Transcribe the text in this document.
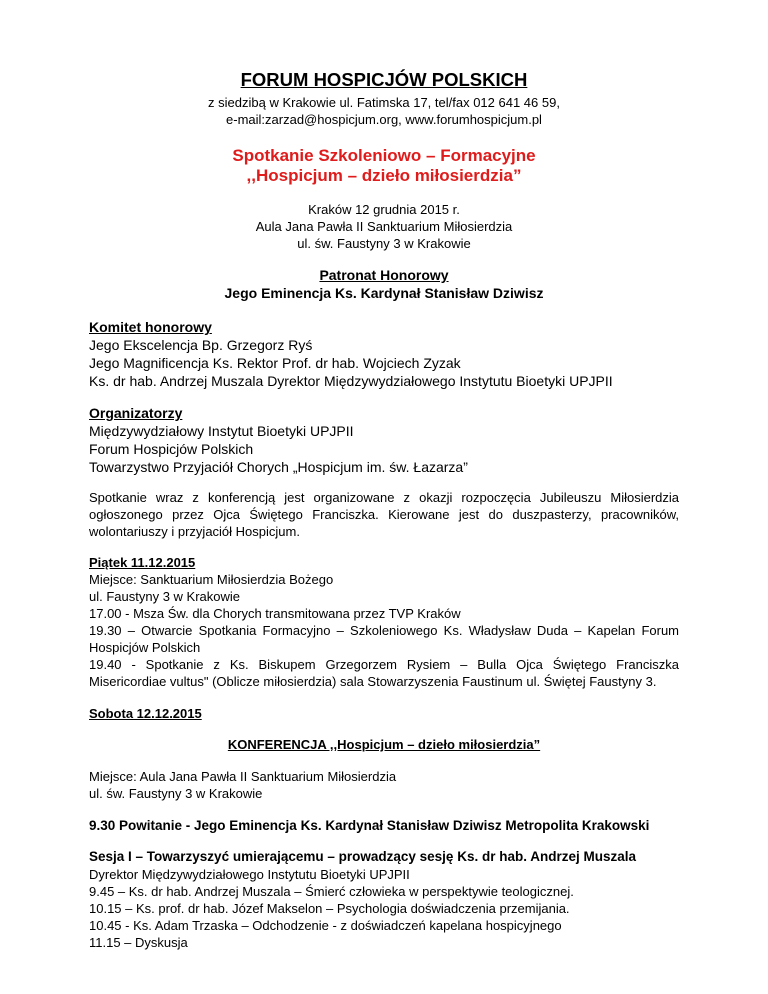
FORUM HOSPICJÓW POLSKICH

z siedzibą w Krakowie ul. Fatimska 17, tel/fax 012 641 46 59,
e-mail:zarzad@hospicjum.org, www.forumhospicjum.pl
Spotkanie Szkoleniowo – Formacyjne
,,Hospicjum – dzieło miłosierdzia”
Kraków 12 grudnia 2015 r.
Aula Jana Pawła II Sanktuarium Miłosierdzia
ul. św. Faustyny 3 w Krakowie
Patronat Honorowy
Jego Eminencja Ks. Kardynał Stanisław Dziwisz
Komitet honorowy
Jego Ekscelencja Bp. Grzegorz Ryś
Jego Magnificencja Ks. Rektor Prof. dr hab. Wojciech Zyzak
Ks. dr hab. Andrzej Muszala Dyrektor Międzywydziałowego Instytutu Bioetyki UPJPII
Organizatorzy
Międzywydziałowy Instytut Bioetyki UPJPII
Forum Hospicjów Polskich
Towarzystwo Przyjaciół Chorych „Hospicjum im. św. Łazarza”

Spotkanie wraz z konferencją jest organizowane z okazji rozpoczęcia Jubileuszu Miłosierdzia ogłoszonego przez Ojca Świętego Franciszka. Kierowane jest do duszpasterzy, pracowników, wolontariuszy i przyjaciół Hospicjum.

Piątek 11.12.2015
Miejsce: Sanktuarium Miłosierdzia Bożego
ul. Faustyny 3 w Krakowie
17.00 - Msza Św. dla Chorych transmitowana przez TVP Kraków
19.30 – Otwarcie Spotkania Formacyjno – Szkoleniowego Ks. Władysław Duda – Kapelan Forum Hospicjów Polskich
19.40 - Spotkanie z Ks. Biskupem Grzegorzem Rysiem – Bulla Ojca Świętego Franciszka Misericordiae vultus" (Oblicze miłosierdzia) sala Stowarzyszenia Faustinum ul. Świętej Faustyny 3.
Sobota 12.12.2015
KONFERENCJA ,,Hospicjum – dzieło miłosierdzia”
Miejsce: Aula Jana Pawła II Sanktuarium Miłosierdzia
ul. św. Faustyny 3 w Krakowie
9.30 Powitanie - Jego Eminencja Ks. Kardynał Stanisław Dziwisz Metropolita Krakowski
Sesja I – Towarzyszyć umierającemu – prowadzący sesję Ks. dr hab. Andrzej Muszala
Dyrektor Międzywydziałowego Instytutu Bioetyki UPJPII
9.45 – Ks. dr hab. Andrzej Muszala – Śmierć człowieka w perspektywie teologicznej.
10.15 – Ks. prof. dr hab. Józef Makselon – Psychologia doświadczenia przemijania.
10.45 - Ks. Adam Trzaska – Odchodzenie - z doświadczeń kapelana hospicyjnego
11.15 – Dyskusja
